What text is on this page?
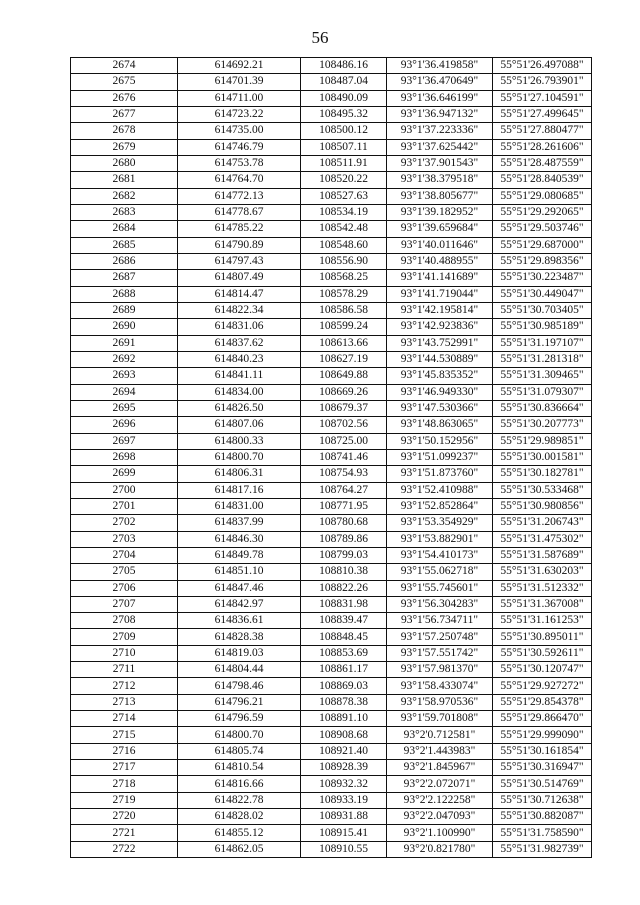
56
2674	614692.21	108486.16	93°1'36.419858"	55°51'26.497088"
2675	614701.39	108487.04	93°1'36.470649"	55°51'26.793901"
2676	614711.00	108490.09	93°1'36.646199"	55°51'27.104591"
2677	614723.22	108495.32	93°1'36.947132"	55°51'27.499645"
2678	614735.00	108500.12	93°1'37.223336"	55°51'27.880477"
2679	614746.79	108507.11	93°1'37.625442"	55°51'28.261606"
2680	614753.78	108511.91	93°1'37.901543"	55°51'28.487559"
2681	614764.70	108520.22	93°1'38.379518"	55°51'28.840539"
2682	614772.13	108527.63	93°1'38.805677"	55°51'29.080685"
2683	614778.67	108534.19	93°1'39.182952"	55°51'29.292065"
2684	614785.22	108542.48	93°1'39.659684"	55°51'29.503746"
2685	614790.89	108548.60	93°1'40.011646"	55°51'29.687000"
2686	614797.43	108556.90	93°1'40.488955"	55°51'29.898356"
2687	614807.49	108568.25	93°1'41.141689"	55°51'30.223487"
2688	614814.47	108578.29	93°1'41.719044"	55°51'30.449047"
2689	614822.34	108586.58	93°1'42.195814"	55°51'30.703405"
2690	614831.06	108599.24	93°1'42.923836"	55°51'30.985189"
2691	614837.62	108613.66	93°1'43.752991"	55°51'31.197107"
2692	614840.23	108627.19	93°1'44.530889"	55°51'31.281318"
2693	614841.11	108649.88	93°1'45.835352"	55°51'31.309465"
2694	614834.00	108669.26	93°1'46.949330"	55°51'31.079307"
2695	614826.50	108679.37	93°1'47.530366"	55°51'30.836664"
2696	614807.06	108702.56	93°1'48.863065"	55°51'30.207773"
2697	614800.33	108725.00	93°1'50.152956"	55°51'29.989851"
2698	614800.70	108741.46	93°1'51.099237"	55°51'30.001581"
2699	614806.31	108754.93	93°1'51.873760"	55°51'30.182781"
2700	614817.16	108764.27	93°1'52.410988"	55°51'30.533468"
2701	614831.00	108771.95	93°1'52.852864"	55°51'30.980856"
2702	614837.99	108780.68	93°1'53.354929"	55°51'31.206743"
2703	614846.30	108789.86	93°1'53.882901"	55°51'31.475302"
2704	614849.78	108799.03	93°1'54.410173"	55°51'31.587689"
2705	614851.10	108810.38	93°1'55.062718"	55°51'31.630203"
2706	614847.46	108822.26	93°1'55.745601"	55°51'31.512332"
2707	614842.97	108831.98	93°1'56.304283"	55°51'31.367008"
2708	614836.61	108839.47	93°1'56.734711"	55°51'31.161253"
2709	614828.38	108848.45	93°1'57.250748"	55°51'30.895011"
2710	614819.03	108853.69	93°1'57.551742"	55°51'30.592611"
2711	614804.44	108861.17	93°1'57.981370"	55°51'30.120747"
2712	614798.46	108869.03	93°1'58.433074"	55°51'29.927272"
2713	614796.21	108878.38	93°1'58.970536"	55°51'29.854378"
2714	614796.59	108891.10	93°1'59.701808"	55°51'29.866470"
2715	614800.70	108908.68	93°2'0.712581"	55°51'29.999090"
2716	614805.74	108921.40	93°2'1.443983"	55°51'30.161854"
2717	614810.54	108928.39	93°2'1.845967"	55°51'30.316947"
2718	614816.66	108932.32	93°2'2.072071"	55°51'30.514769"
2719	614822.78	108933.19	93°2'2.122258"	55°51'30.712638"
2720	614828.02	108931.88	93°2'2.047093"	55°51'30.882087"
2721	614855.12	108915.41	93°2'1.100990"	55°51'31.758590"
2722	614862.05	108910.55	93°2'0.821780"	55°51'31.982739"
